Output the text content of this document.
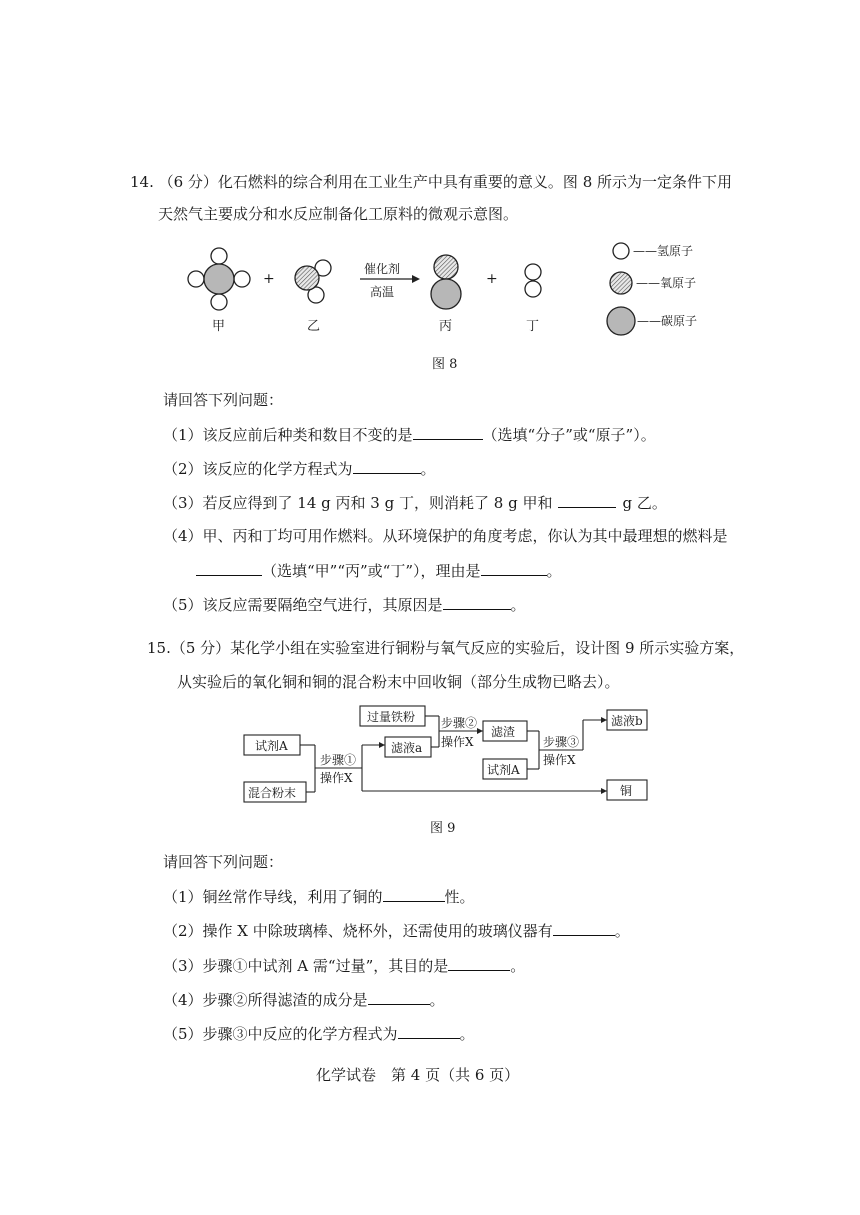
14. （6 分）化石燃料的综合利用在工业生产中具有重要的意义。图 8 所示为一定条件下用
天然气主要成分和水反应制备化工原料的微观示意图。
甲
+
乙
催化剂
高温
丙
+
丁
——氢原子
——氧原子
——碳原子
图 8
请回答下列问题：
（1）该反应前后种类和数目不变的是	（选填“分子”或“原子”）。
（2）该反应的化学方程式为	。
（3）若反应得到了 14 g 丙和 3 g 丁，则消耗了 8 g 甲和	g 乙。
（4）甲、丙和丁均可用作燃料。从环境保护的角度考虑，你认为其中最理想的燃料是
（选填“甲”“丙”或“丁”），理由是	。
（5）该反应需要隔绝空气进行，其原因是	。
15.（5 分）某化学小组在实验室进行铜粉与氧气反应的实验后，设计图 9 所示实验方案，
从实验后的氧化铜和铜的混合粉末中回收铜（部分生成物已略去）。
试剂A
混合粉末
步骤①
操作X
过量铁粉
滤液a
步骤②
操作X
滤渣
试剂A
步骤③
操作X
滤液b
铜
图 9
请回答下列问题：
（1）铜丝常作导线，利用了铜的	性。
（2）操作 X 中除玻璃棒、烧杯外，还需使用的玻璃仪器有	。
（3）步骤①中试剂 A 需“过量”，其目的是	。
（4）步骤②所得滤渣的成分是	。
（5）步骤③中反应的化学方程式为	。
化学试卷　第 4 页（共 6 页）
